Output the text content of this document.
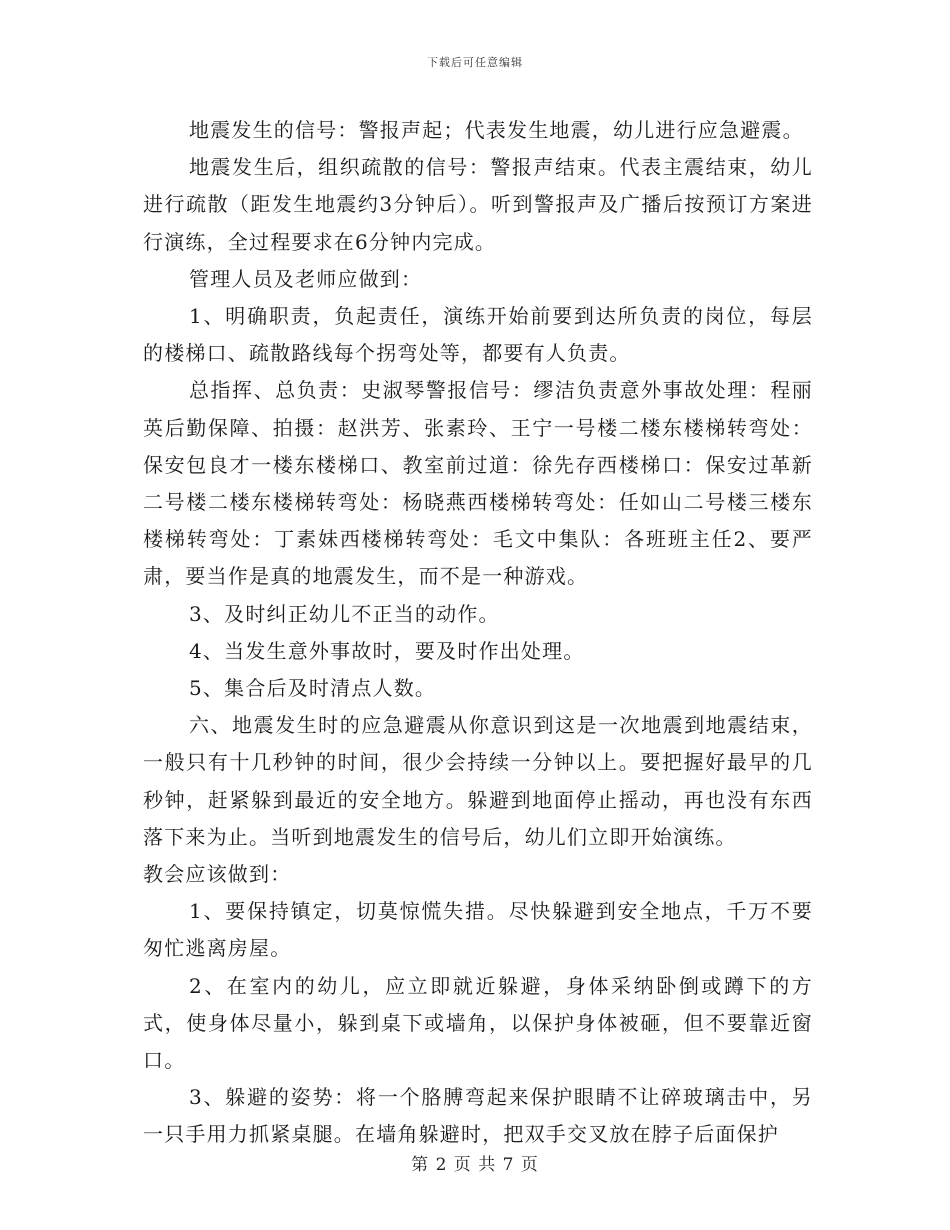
下载后可任意编辑

地震发生的信号：警报声起；代表发生地震，幼儿进行应急避震。

地震发生后，组织疏散的信号：警报声结束。代表主震结束，幼儿进行疏散（距发生地震约3分钟后）。听到警报声及广播后按预订方案进行演练，全过程要求在6分钟内完成。

管理人员及老师应做到：

1、明确职责，负起责任，演练开始前要到达所负责的岗位，每层的楼梯口、疏散路线每个拐弯处等，都要有人负责。

总指挥、总负责：史淑琴警报信号：缪洁负责意外事故处理：程丽英后勤保障、拍摄：赵洪芳、张素玲、王宁一号楼二楼东楼梯转弯处：保安包良才一楼东楼梯口、教室前过道：徐先存西楼梯口：保安过革新二号楼二楼东楼梯转弯处：杨晓燕西楼梯转弯处：任如山二号楼三楼东楼梯转弯处：丁素妹西楼梯转弯处：毛文中集队：各班班主任2、要严肃，要当作是真的地震发生，而不是一种游戏。

3、及时纠正幼儿不正当的动作。

4、当发生意外事故时，要及时作出处理。

5、集合后及时清点人数。

六、地震发生时的应急避震从你意识到这是一次地震到地震结束，一般只有十几秒钟的时间，很少会持续一分钟以上。要把握好最早的几秒钟，赶紧躲到最近的安全地方。躲避到地面停止摇动，再也没有东西落下来为止。当听到地震发生的信号后，幼儿们立即开始演练。

教会应该做到：

1、要保持镇定，切莫惊慌失措。尽快躲避到安全地点，千万不要匆忙逃离房屋。

2、在室内的幼儿，应立即就近躲避，身体采纳卧倒或蹲下的方式，使身体尽量小，躲到桌下或墙角，以保护身体被砸，但不要靠近窗口。

3、躲避的姿势：将一个胳膊弯起来保护眼睛不让碎玻璃击中，另一只手用力抓紧桌腿。在墙角躲避时，把双手交叉放在脖子后面保护

第 2 页 共 7 页
